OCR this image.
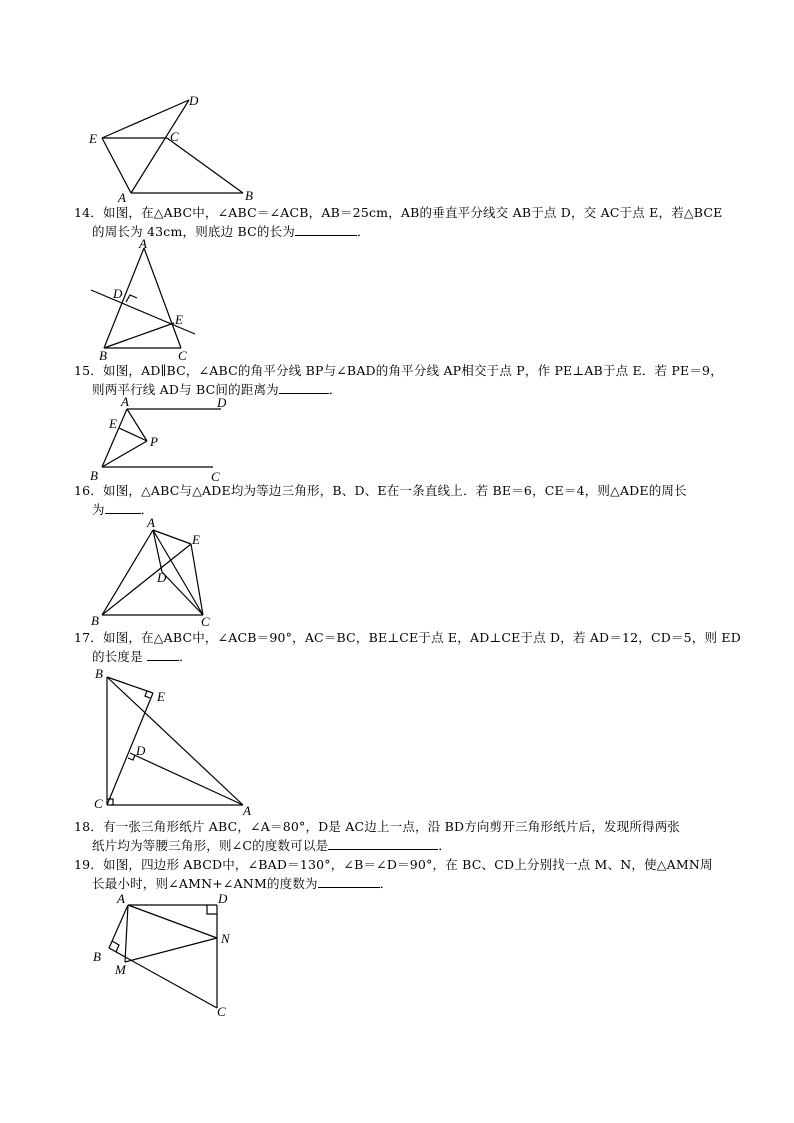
D
E	C
A	B
14．如图，在△ABC中，∠ABC＝∠ACB，AB＝25cm，AB的垂直平分线交 AB于点 D，交 AC于点 E，若△BCE
的周长为 43cm，则底边 BC的长为	．
A
D
E
B	C
15．如图，AD∥BC，∠ABC的角平分线 BP与∠BAD的角平分线 AP相交于点 P，作 PE⊥AB于点 E．若 PE＝9，
则两平行线 AD与 BC间的距离为	．
A	D
E
P
B	C
16．如图，△ABC与△ADE均为等边三角形，B、D、E在一条直线上．若 BE＝6，CE＝4，则△ADE的周长
为	．
A
E
D
B	C
17．如图，在△ABC中，∠ACB＝90°，AC＝BC，BE⊥CE于点 E，AD⊥CE于点 D，若 AD＝12，CD＝5，则 ED
的长度是	．
B
E
D
C	A
18．有一张三角形纸片 ABC，∠A＝80°，D是 AC边上一点，沿 BD方向剪开三角形纸片后，发现所得两张
纸片均为等腰三角形，则∠C的度数可以是	．
19．如图，四边形 ABCD中，∠BAD＝130°，∠B＝∠D＝90°，在 BC、CD上分别找一点 M、N，使△AMN周
长最小时，则∠AMN+∠ANM的度数为	．
A	D
N
B
M
C
